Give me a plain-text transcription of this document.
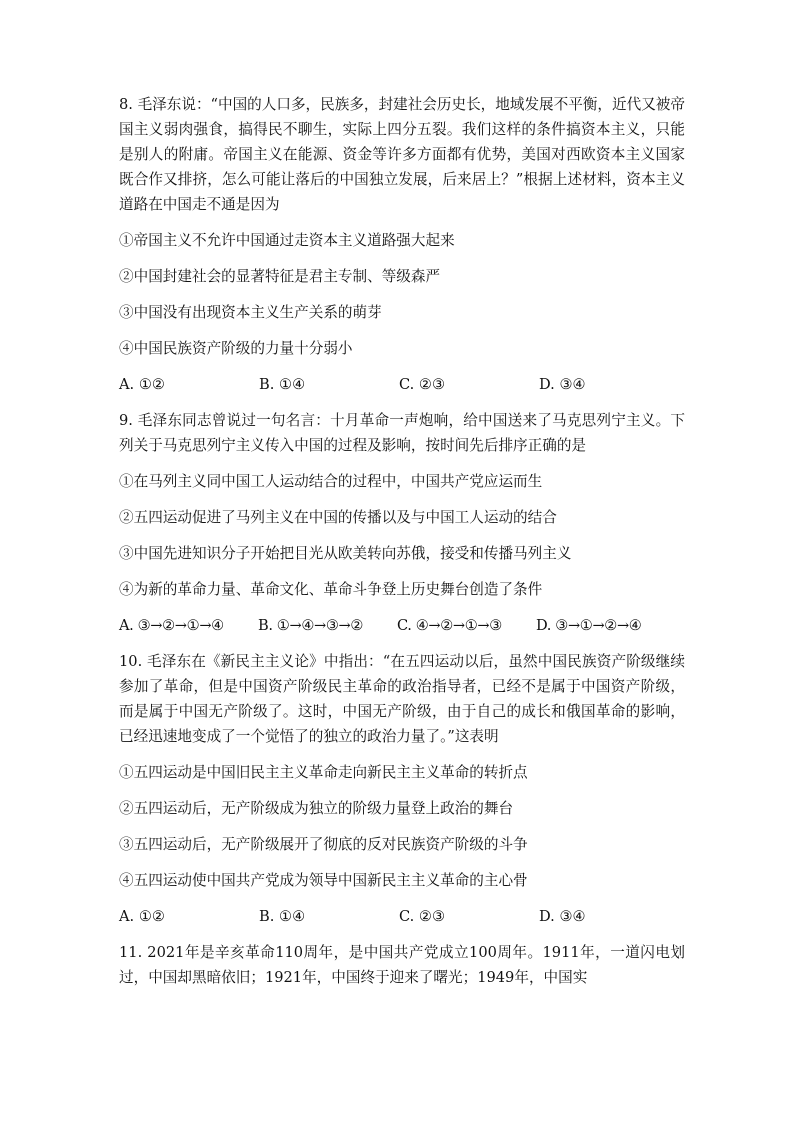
8. 毛泽东说：“中国的人口多，民族多，封建社会历史长，地域发展不平衡，近代又被帝国主义弱肉强食，搞得民不聊生，实际上四分五裂。我们这样的条件搞资本主义，只能是别人的附庸。帝国主义在能源、资金等许多方面都有优势，美国对西欧资本主义国家既合作又排挤，怎么可能让落后的中国独立发展，后来居上？”根据上述材料，资本主义道路在中国走不通是因为

①帝国主义不允许中国通过走资本主义道路强大起来

②中国封建社会的显著特征是君主专制、等级森严

③中国没有出现资本主义生产关系的萌芽

④中国民族资产阶级的力量十分弱小

A. ①②	B. ①④	C. ②③	D. ③④

9. 毛泽东同志曾说过一句名言：十月革命一声炮响，给中国送来了马克思列宁主义。下列关于马克思列宁主义传入中国的过程及影响，按时间先后排序正确的是

①在马列主义同中国工人运动结合的过程中，中国共产党应运而生

②五四运动促进了马列主义在中国的传播以及与中国工人运动的结合

③中国先进知识分子开始把目光从欧美转向苏俄，接受和传播马列主义

④为新的革命力量、革命文化、革命斗争登上历史舞台创造了条件

A. ③→②→①→④	B. ①→④→③→②	C. ④→②→①→③	D. ③→①→②→④

10. 毛泽东在《新民主主义论》中指出：“在五四运动以后，虽然中国民族资产阶级继续参加了革命，但是中国资产阶级民主革命的政治指导者，已经不是属于中国资产阶级，而是属于中国无产阶级了。这时，中国无产阶级，由于自己的成长和俄国革命的影响，已经迅速地变成了一个觉悟了的独立的政治力量了。”这表明

①五四运动是中国旧民主主义革命走向新民主主义革命的转折点

②五四运动后，无产阶级成为独立的阶级力量登上政治的舞台

③五四运动后，无产阶级展开了彻底的反对民族资产阶级的斗争

④五四运动使中国共产党成为领导中国新民主主义革命的主心骨

A. ①②	B. ①④	C. ②③	D. ③④

11. 2021年是辛亥革命110周年，是中国共产党成立100周年。1911年，一道闪电划过，中国却黑暗依旧；1921年，中国终于迎来了曙光；1949年，中国实
